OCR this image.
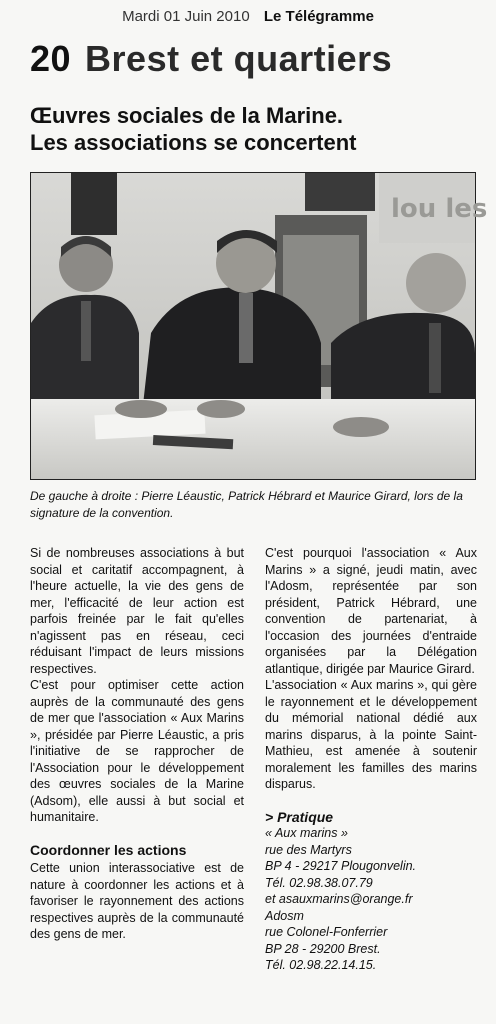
Mardi 01 Juin 2010 Le Télégramme
20 Brest et quartiers
Œuvres sociales de la Marine.
Les associations se concertent
lou les
De gauche à droite : Pierre Léaustic, Patrick Hébrard et Maurice Girard, lors de la signature de la convention.

Si de nombreuses associations à but social et caritatif accompagnent, à l'heure actuelle, la vie des gens de mer, l'efficacité de leur action est parfois freinée par le fait qu'elles n'agissent pas en réseau, ceci réduisant l'impact de leurs missions respectives.

C'est pour optimiser cette action auprès de la communauté des gens de mer que l'association « Aux Marins », présidée par Pierre Léaustic, a pris l'initiative de se rapprocher de l'Association pour le développement des œuvres sociales de la Marine (Adsom), elle aussi à but social et humanitaire.

Coordonner les actions

Cette union interassociative est de nature à coordonner les actions et à favoriser le rayonnement des actions respectives auprès de la communauté des gens de mer.

C'est pourquoi l'association « Aux Marins » a signé, jeudi matin, avec l'Adosm, représentée par son président, Patrick Hébrard, une convention de partenariat, à l'occasion des journées d'entraide organisées par la Délégation atlantique, dirigée par Maurice Girard.

L'association « Aux marins », qui gère le rayonnement et le développement du mémorial national dédié aux marins disparus, à la pointe Saint-Mathieu, est amenée à soutenir moralement les familles des marins disparus.

> Pratique
« Aux marins »
rue des Martyrs
BP 4 - 29217 Plougonvelin.
Tél. 02.98.38.07.79
et asauxmarins@orange.fr
Adosm
rue Colonel-Fonferrier
BP 28 - 29200 Brest.
Tél. 02.98.22.14.15.
